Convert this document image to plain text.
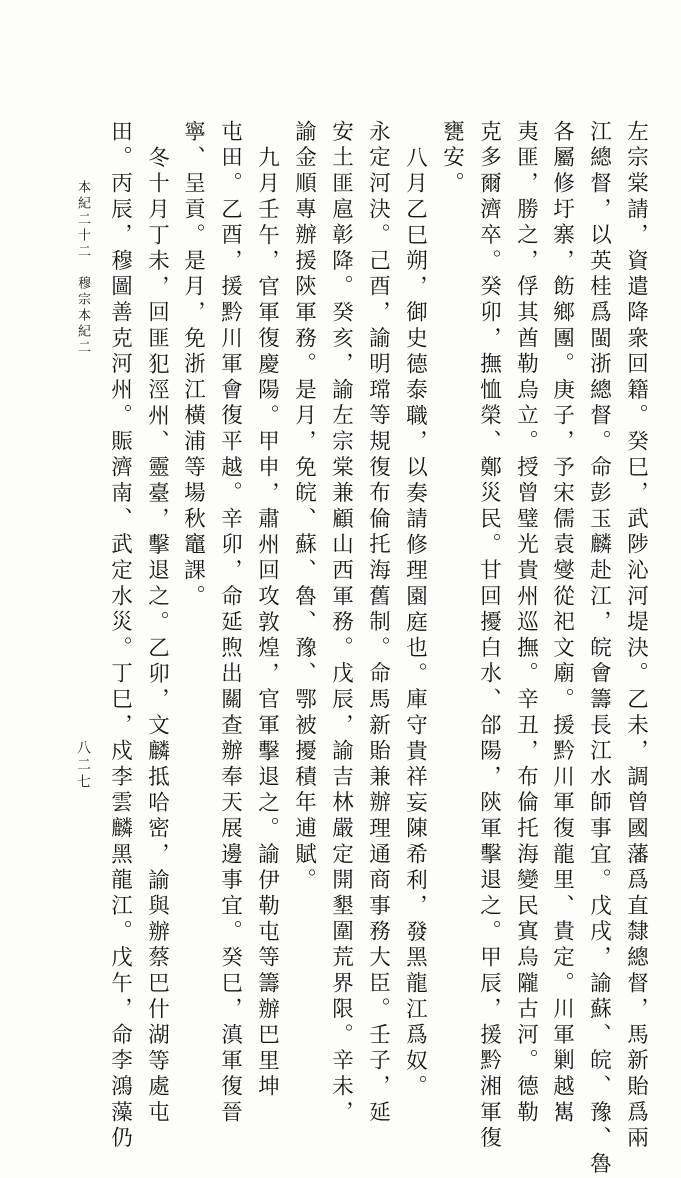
左宗棠請，資遣降衆回籍。癸巳，武陟沁河堤決。乙未，調曾國藩爲直隸總督，馬新貽爲兩
江總督，以英桂爲閩浙總督。命彭玉麟赴江，皖會籌長江水師事宜。戊戌，諭蘇、皖、豫、魯
各屬修圩寨，飭鄉團。庚子，予宋儒袁燮從祀文廟。援黔川軍復龍里、貴定。川軍剿越嶲
夷匪，勝之，俘其酋勒烏立。授曾璧光貴州巡撫。辛丑，布倫托海變民寘烏隴古河。德勒
克多爾濟卒。癸卯，撫恤榮、鄭災民。甘回擾白水、郃陽，陝軍擊退之。甲辰，援黔湘軍復
甕安。
八月乙巳朔，御史德泰職，以奏請修理園庭也。庫守貴祥妄陳希利，發黑龍江爲奴。
永定河決。己酉，諭明瑺等規復布倫托海舊制。命馬新貽兼辦理通商事務大臣。壬子，延
安土匪扈彰降。癸亥，諭左宗棠兼顧山西軍務。戊辰，諭吉林嚴定開墾圍荒界限。辛未，
諭金順專辦援陝軍務。是月，免皖、蘇、魯、豫、鄂被擾積年逋賦。
九月壬午，官軍復慶陽。甲申，肅州回攻敦煌，官軍擊退之。諭伊勒屯等籌辦巴里坤
屯田。乙酉，援黔川軍會復平越。辛卯，命延煦出關查辦奉天展邊事宜。癸巳，滇軍復晉
寧、呈貢。是月，免浙江橫浦等場秋竈課。
冬十月丁未，回匪犯涇州、靈臺，擊退之。乙卯，文麟抵哈密，諭與辦蔡巴什湖等處屯
田。丙辰，穆圖善克河州。賑濟南、武定水災。丁巳，戍李雲麟黑龍江。戊午，命李鴻藻仍
本紀二十二　穆宗本紀二
八二七
